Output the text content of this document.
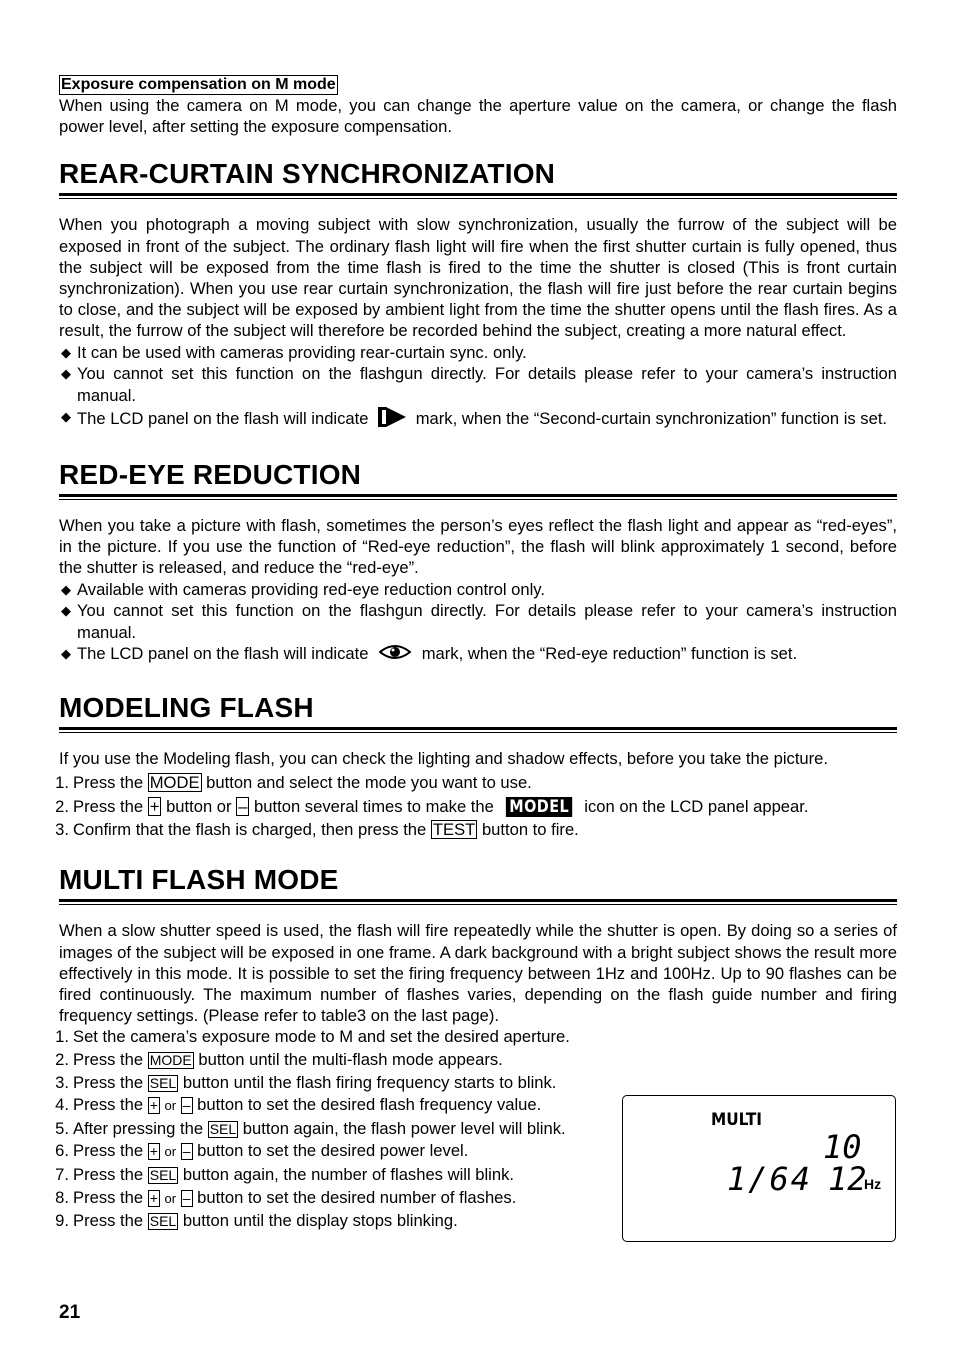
Exposure compensation on M mode

When using the camera on M mode, you can change the aperture value on the camera, or change the flash power level, after setting the exposure compensation.

REAR-CURTAIN SYNCHRONIZATION

When you photograph a moving subject with slow synchronization, usually the furrow of the subject will be exposed in front of the subject. The ordinary flash light will fire when the first shutter curtain is fully opened, thus the subject will be exposed from the time flash is fired to the time the shutter is closed (This is front curtain synchronization). When you use rear curtain synchronization, the flash will fire just before the rear curtain begins to close, and the subject will be exposed by ambient light from the time the shutter opens until the flash fires. As a result, the furrow of the subject will therefore be recorded behind the subject, creating a more natural effect.

◆ It can be used with cameras providing rear-curtain sync. only.

◆ You cannot set this function on the flashgun directly. For details please refer to your camera’s instruction manual.

◆ The LCD panel on the flash will indicate	mark, when the “Second-curtain synchronization” function is set.

RED-EYE REDUCTION

When you take a picture with flash, sometimes the person’s eyes reflect the flash light and appear as “red-eyes”, in the picture. If you use the function of “Red-eye reduction”, the flash will blink approximately 1 second, before the shutter is released, and reduce the “red-eye”.

◆ Available with cameras providing red-eye reduction control only.

◆ You cannot set this function on the flashgun directly. For details please refer to your camera’s instruction manual.

◆ The LCD panel on the flash will indicate	mark, when the “Red-eye reduction” function is set.

MODELING FLASH

If you use the Modeling flash, you can check the lighting and shadow effects, before you take the picture.

1. Press the MODE button and select the mode you want to use.

2. Press the + button or – button several times to make the MODEL icon on the LCD panel appear.

3. Confirm that the flash is charged, then press the TEST button to fire.

MULTI FLASH MODE

When a slow shutter speed is used, the flash will fire repeatedly while the shutter is open. By doing so a series of images of the subject will be exposed in one frame. A dark background with a bright subject shows the result more effectively in this mode. It is possible to set the firing frequency between 1Hz and 100Hz. Up to 90 flashes can be fired continuously. The maximum number of flashes varies, depending on the flash guide number and firing frequency settings. (Please refer to table3 on the last page).

1. Set the camera’s exposure mode to M and set the desired aperture.

2. Press the MODE button until the multi-flash mode appears.

3. Press the SEL button until the flash firing frequency starts to blink.

4. Press the + or – button to set the desired flash frequency value.

5. After pressing the SEL button again, the flash power level will blink.

6. Press the + or – button to set the desired power level.

7. Press the SEL button again, the number of flashes will blink.

8. Press the + or – button to set the desired number of flashes.

9. Press the SEL button until the display stops blinking.

MULTI
10
1/64 12
Hz
21
